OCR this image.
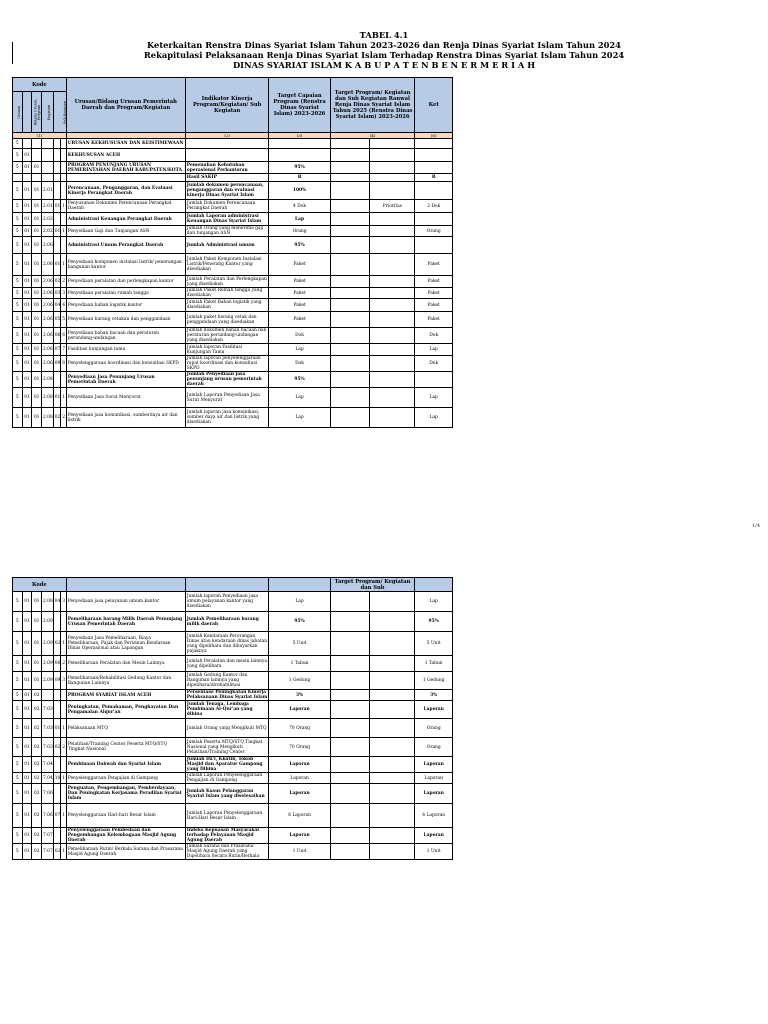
TABEL 4.1
Keterkaitan Renstra Dinas Syariat Islam Tahun 2023-2026 dan Renja Dinas Syariat Islam Tahun 2024
Rekapitulasi Pelaksanaan Renja Dinas Syariat Islam Terhadap Renstra Dinas Syariat Islam Tahun 2024
DINAS SYARIAT ISLAM K A B U P A T E N B E N E R M E R I A H
Kode						Urusan/Bidang Urusan Pemerintah Daerah dan Program/Kegiatan	Indikator Kinerja Program/Kegiatan/ Sub Kegiatan	Target Capaian Program (Renstra Dinas Syariat Islam) 2023-2026	Target Program/ Kegiatan dan Sub Kegiatan Ranwal Renja Dinas Syariat Islam Tahun 2025 (Renstra Dinas Syariat Islam) 2023-2026		Ket
Urusan	Bidang Urusan	Program	Kegiatan	Sub Kegiatan							
(1)							(2)	(3)	(4)		(6)
5						URUSAN KEKHUSUSAN DAN KEISTIMEWAAN					
5	01					KEKHUSUSAN ACEH					
5	01	01				PROGRAM PENUNJANG URUSAN PEMERINTAHAN DAERAH KABUPATEN/KOTA	Pemenuhan Kebutuhan operasional Perkantoran	95%			
							Hasil SAKIP	B			B
5	01	01	2.01			Perencanaan, Penganggaran, dan Evaluasi Kinerja Perangkat Daerah	Jumlah dokumen perencanaan, penganggaran dan evaluasi kinerja Dinas Syariat Islam	100%			
5	01	01	2.01	01	1	Penyusunan Dokumen Perencanaan Perangkat Daerah	Jumlah Dokumen Perencanaan Perangkat Daerah	4 Dok		Prioritas	2 Dok
5	01	01	2.02			Administrasi Keuangan Perangkat Daerah	Jumlah Laporan administrasi Keuangan Dinas Syariat Islam	Lap			
5	01	01	2.02	01	1	Penyediaan Gaji dan Tunjangan ASN	Jumlah Orang yang menerima gaji dan tunjangan ASN	Orang			Orang
5	01	01	2.06			Administrasi Umum Perangkat Daerah	Jumlah Administrasi umum	95%			
5	01	01	2.06	01	1	Penyediaan komponen instalasi listrik/ penerangan bangunan kantor	Jumlah Paket Komponen Instalasi Listrik/Penerang Kantor yang disediakan	Paket			Paket
5	01	01	2.06	02	2	Penyediaan peralatan dan perlengkapan kantor	Jumlah Peralatan dan Perlengkapan yang disediakan	Paket			Paket
5	01	01	2.06	03	3	Penyediaan peralatan rumah tangga	Jumlah Paket Rumah tangga yang disediakan	Paket			Paket
5	01	01	2.06	04	4	Penyediaan bahan logistik kantor	Jumlah Paket Bahan logistik yang disediakan	Paket			Paket
5	01	01	2.06	05	5	Penyediaan barang cetakan dan penggandaan	Jumlah paket barang cetak dan penggandaan yang disediakan	Paket			Paket
5	01	01	2.06	06	6	Penyediaan bahan bacaan dan peraturan perundang-undangan	Jumlah dokumen bahan bacaan dan peraturan perundang-undangan yang disediakan	Dok			Dok
5	01	01	2.06	07	7	Fasilitasi kunjungan tamu	Jumlah laporan Fasilitasi Kunjungan Tamu	Lap			Lap
5	01	01	2.06	09	8	Penyelenggaraan koordinasi dan konsultasi SKPD	Jumlah laporan penyelenggaraan rapat koordinasi dan konsultasi SKPD	Dok			Dok
5	01	01	2.08			Penyediaan Jasa Penunjang Urusan Pemerintah Daerah	Jumlah Penyediaan jasa penunjang urusan pemerintah daerah	95%			
5	01	01	2.08	01	1	Penyediaan Jasa Surat Menyurat	Jumlah Laporan Penyediaan Jasa Surat Menyurat	Lap			Lap
5	01	01	2.08	02	2	Penyediaan jasa komunikasi, sumberdaya air dan listrik	Jumlah laporan jasa komunikasi, sumber daya air dan listrik yang disediakan	Lap			Lap
1/4
Kode									Target Program/ Kegiatan dan Sub		
5	01	01	2.08	04	3	Penyediaan jasa pelayanan umum kantor	Jumlah laporan Penyediaan jasa umum pelayanan kantor yang disediakan	Lap			Lap
5	01	01	2.09			Pemeliharaan barang Milik Daerah Penunjang Urusan Pemerintah Daerah	Jumlah Pemeliharaan barang milik daerah	95%			95%
5	01	01	2.09	02	1	Penyediaan Jasa Pemeliharaan, Biaya Pemeliharaan, Pajak dan Perizinan Kendaraan Dinas Operasional atau Lapangan	Jumlah Kendaraan Perorangan Dinas atau kendaraan dinas jabatan yang dipelihara dan dibayarkan pajaknya	5 Unit			5 Unit
5	01	01	2.09	06	2	Pemeliharaan Peralatan dan Mesin Lainnya	Jumlah Peralatan dan mesin lainnya yang dipelihara	1 Tahun			1 Tahun
5	01	01	2.09	09	3	Pemeliharaan/Rehabilitasi Gedung Kantor dan Bangunan Lainnya	Jumlah Gedung Kantor dan Bangunan lainnya yang dipelihara/direhabilitasi	1 Gedung			1 Gedung
5	01	02				PROGRAM SYARIAT ISLAM ACEH	Persentase Peningkatan Kinerja Pelaksanaan Dinas Syariat Islam	3%			3%
5	01	02	7.03			Peningkatan, Pemahaman, Penghayatan Dan Pengamalan Alqur'an	Jumlah Tenaga, Lembaga Pembinaan Al-Qur'an yang dibina	Laporan			Laporan
5	01	02	7.03	01	1	Pelaksanaan MTQ	Jumlah Orang yang Mengikuti MTQ	70 Orang			Orang
5	01	02	7.03	02	2	Pelatihan/Training Center Peserta MTQ/STQ Tingkat Nasional	Jumlah Peserta MTQ/STQ Tingkat Nasional yang Mengikuti Pelatihan/Training Center	70 Orang			Orang
5	01	02	7.04			Pembinaan Dakwah dan Syariat Islam	Jumlah Da'i, Khatib, Tokoh Masjid dan Aparatur Gampong yang Dibina	Laporan			Laporan
5	01	02	7.04	10	1	Penyelenggaraan Pengajian di Gampong	Jumlah Laporan Penyelenggaraan Pengajian di Gampong	Laporan			Laporan
5	01	02	7.06			Penguatan, Pengembangan, Pemberdayaan, Dan Peningkatan Kerjasama Peradilan Syariat Islam	Jumlah Kasus Pelanggaran Syariat Islam yang diselesaikan	Laporan			Laporan
5	01	02	7.06	07	1	Penyelenggaraan Hari-hari Besar Islam	Jumlah Laporan Penyelenggaraan Hari-Hari Besar Islam	6 Laporan			6 Laporan
5	01	02	7.07			Penyelenggaraan Pembedaan dan Pengembangan Kelembagaan Masjid Agung Daerah	Indeks Kepuasan Masyarakat terhadap Pelayanan Masjid Agung Daerah	Laporan			Laporan
5	01	02	7.07	02	1	Pemeliharaan Rutin/ Berkala Sarana dan Prasarana Masjid Agung Daerah	Jumlah Sarana dan Prasarana Masjid Agung Daerah yang Dipelihara Secara Rutin/Berkala	1 Unit			1 Unit
